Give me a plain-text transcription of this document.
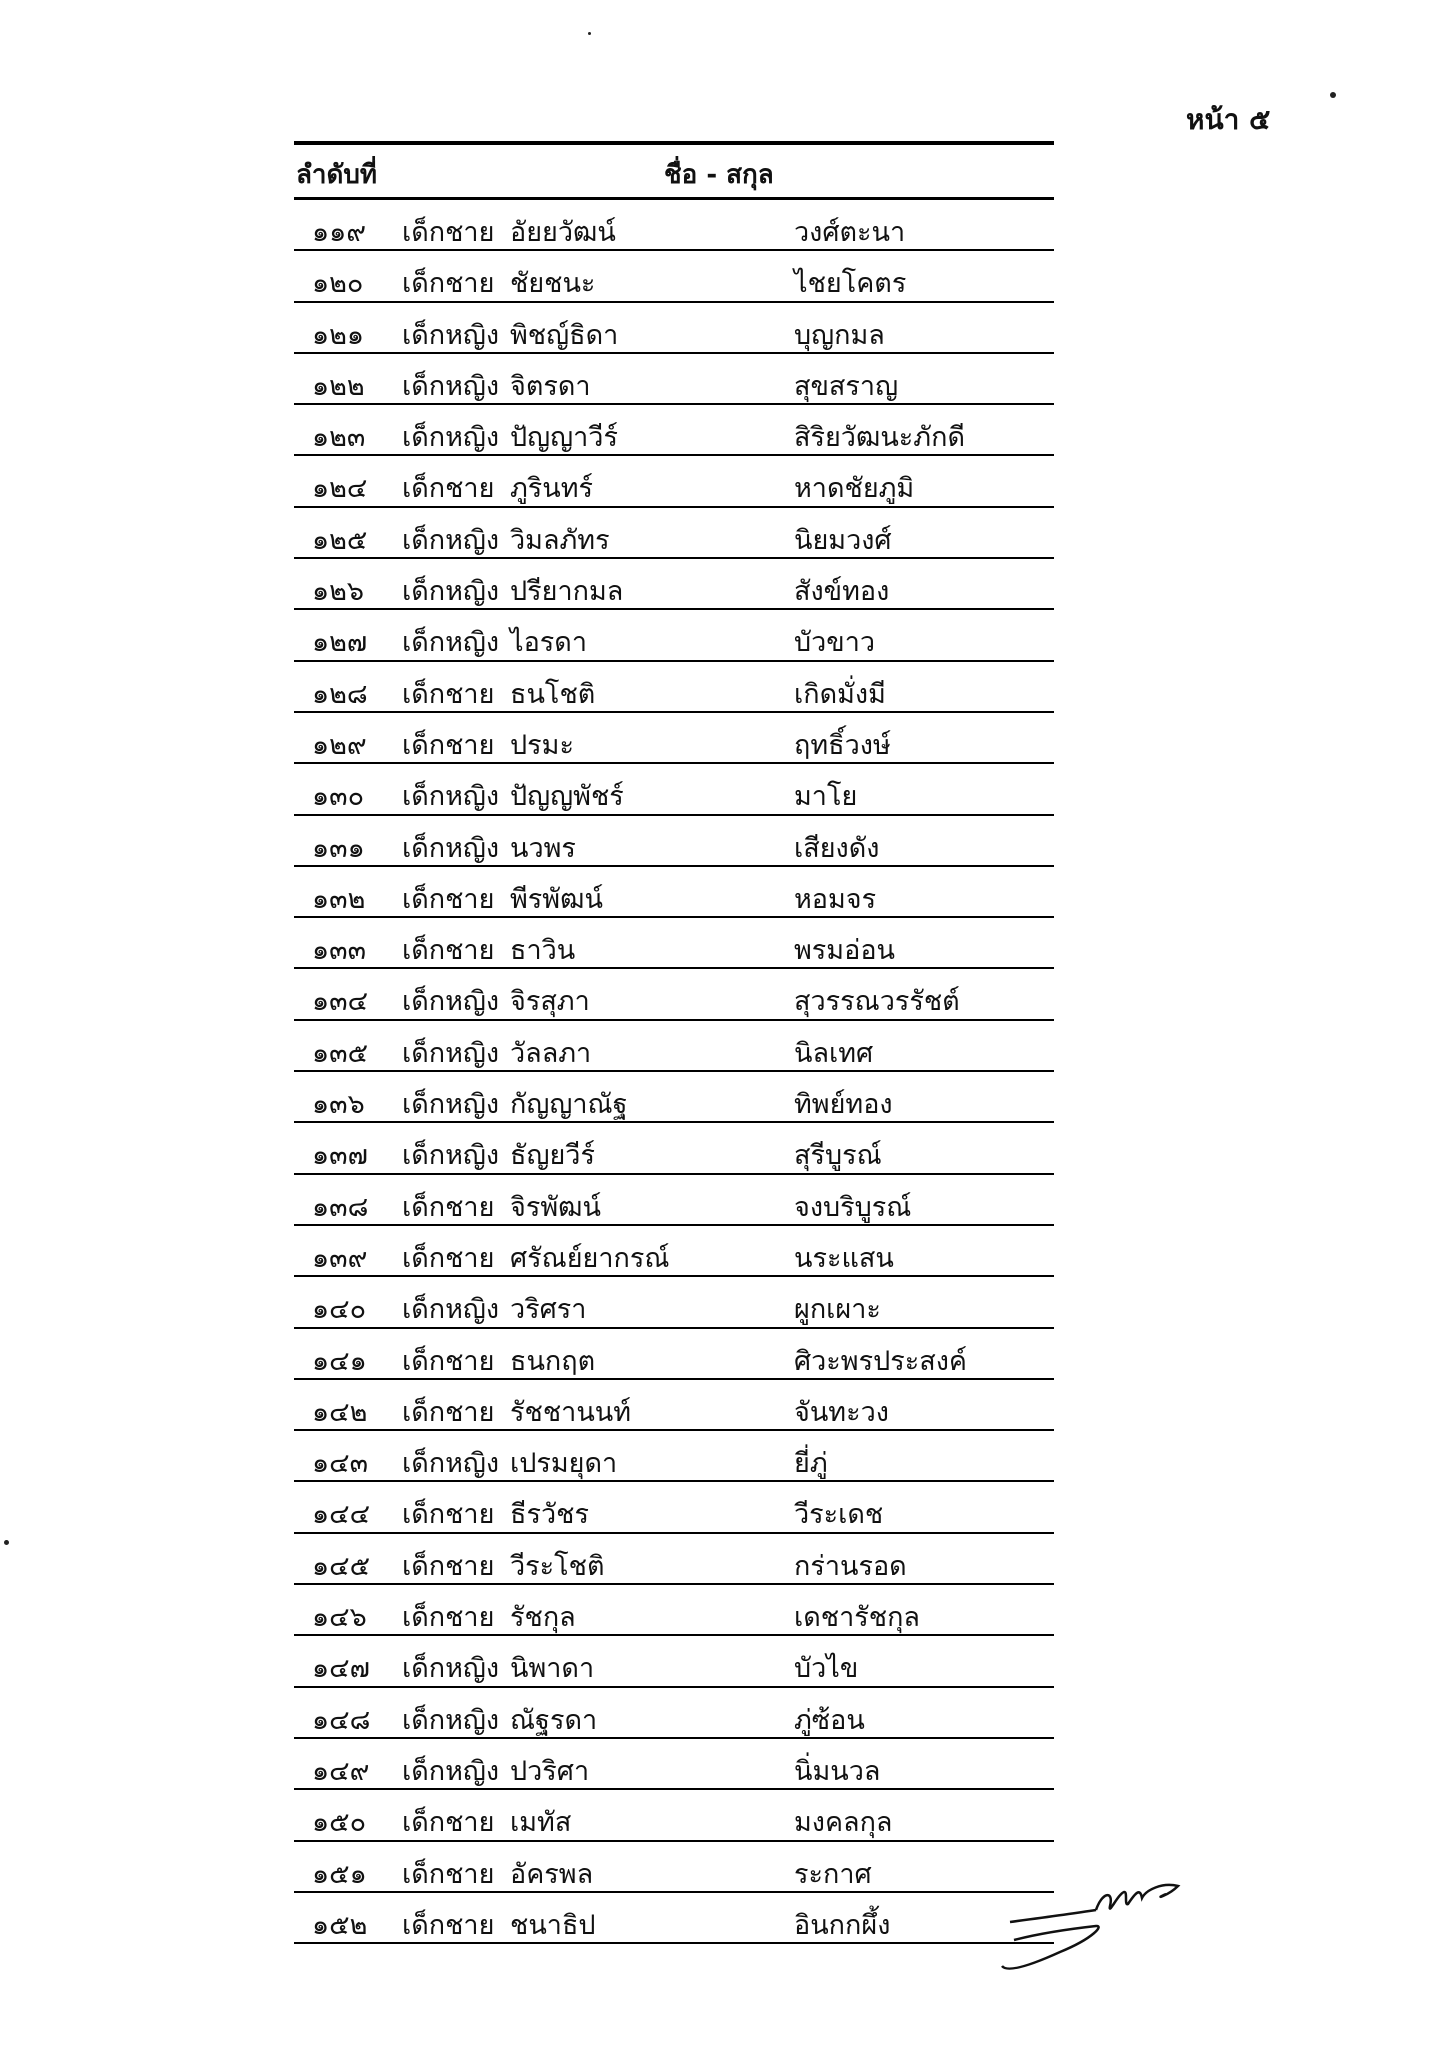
หน้า ๕
ลำดับที่	ชื่อ - สกุล
๑๑๙ เด็กชาย อัยยวัฒน์	วงศ์ตะนา
๑๒๐ เด็กชาย ชัยชนะ	ไชยโคตร
๑๒๑ เด็กหญิง พิชญ์ธิดา	บุญกมล
๑๒๒ เด็กหญิง จิตรดา	สุขสราญ
๑๒๓ เด็กหญิง ปัญญาวีร์	สิริยวัฒนะภักดี
๑๒๔ เด็กชาย ภูรินทร์	หาดชัยภูมิ
๑๒๕ เด็กหญิง วิมลภัทร	นิยมวงศ์
๑๒๖ เด็กหญิง ปรียากมล	สังข์ทอง
๑๒๗ เด็กหญิง ไอรดา	บัวขาว
๑๒๘ เด็กชาย ธนโชติ	เกิดมั่งมี
๑๒๙ เด็กชาย ปรมะ	ฤทธิ์วงษ์
๑๓๐ เด็กหญิง ปัญญพัชร์	มาโย
๑๓๑ เด็กหญิง นวพร	เสียงดัง
๑๓๒ เด็กชาย พีรพัฒน์	หอมจร
๑๓๓ เด็กชาย ธาวิน	พรมอ่อน
๑๓๔ เด็กหญิง จิรสุภา	สุวรรณวรรัชต์
๑๓๕ เด็กหญิง วัลลภา	นิลเทศ
๑๓๖ เด็กหญิง กัญญาณัฐ	ทิพย์ทอง
๑๓๗ เด็กหญิง ธัญยวีร์	สุรีบูรณ์
๑๓๘ เด็กชาย จิรพัฒน์	จงบริบูรณ์
๑๓๙ เด็กชาย ศรัณย์ยากรณ์	นระแสน
๑๔๐ เด็กหญิง วริศรา	ผูกเผาะ
๑๔๑ เด็กชาย ธนกฤต	ศิวะพรประสงค์
๑๔๒ เด็กชาย รัชชานนท์	จันทะวง
๑๔๓ เด็กหญิง เปรมยุดา	ยี่ภู่
๑๔๔ เด็กชาย ธีรวัชร	วีระเดช
๑๔๕ เด็กชาย วีระโชติ	กร่านรอด
๑๔๖ เด็กชาย รัชกุล	เดชารัชกุล
๑๔๗ เด็กหญิง นิพาดา	บัวไข
๑๔๘ เด็กหญิง ณัฐรดา	ภู่ซ้อน
๑๔๙ เด็กหญิง ปวริศา	นิ่มนวล
๑๕๐ เด็กชาย เมทัส	มงคลกุล
๑๕๑ เด็กชาย อัครพล	ระกาศ
๑๕๒ เด็กชาย ชนาธิป	อินกกผึ้ง
